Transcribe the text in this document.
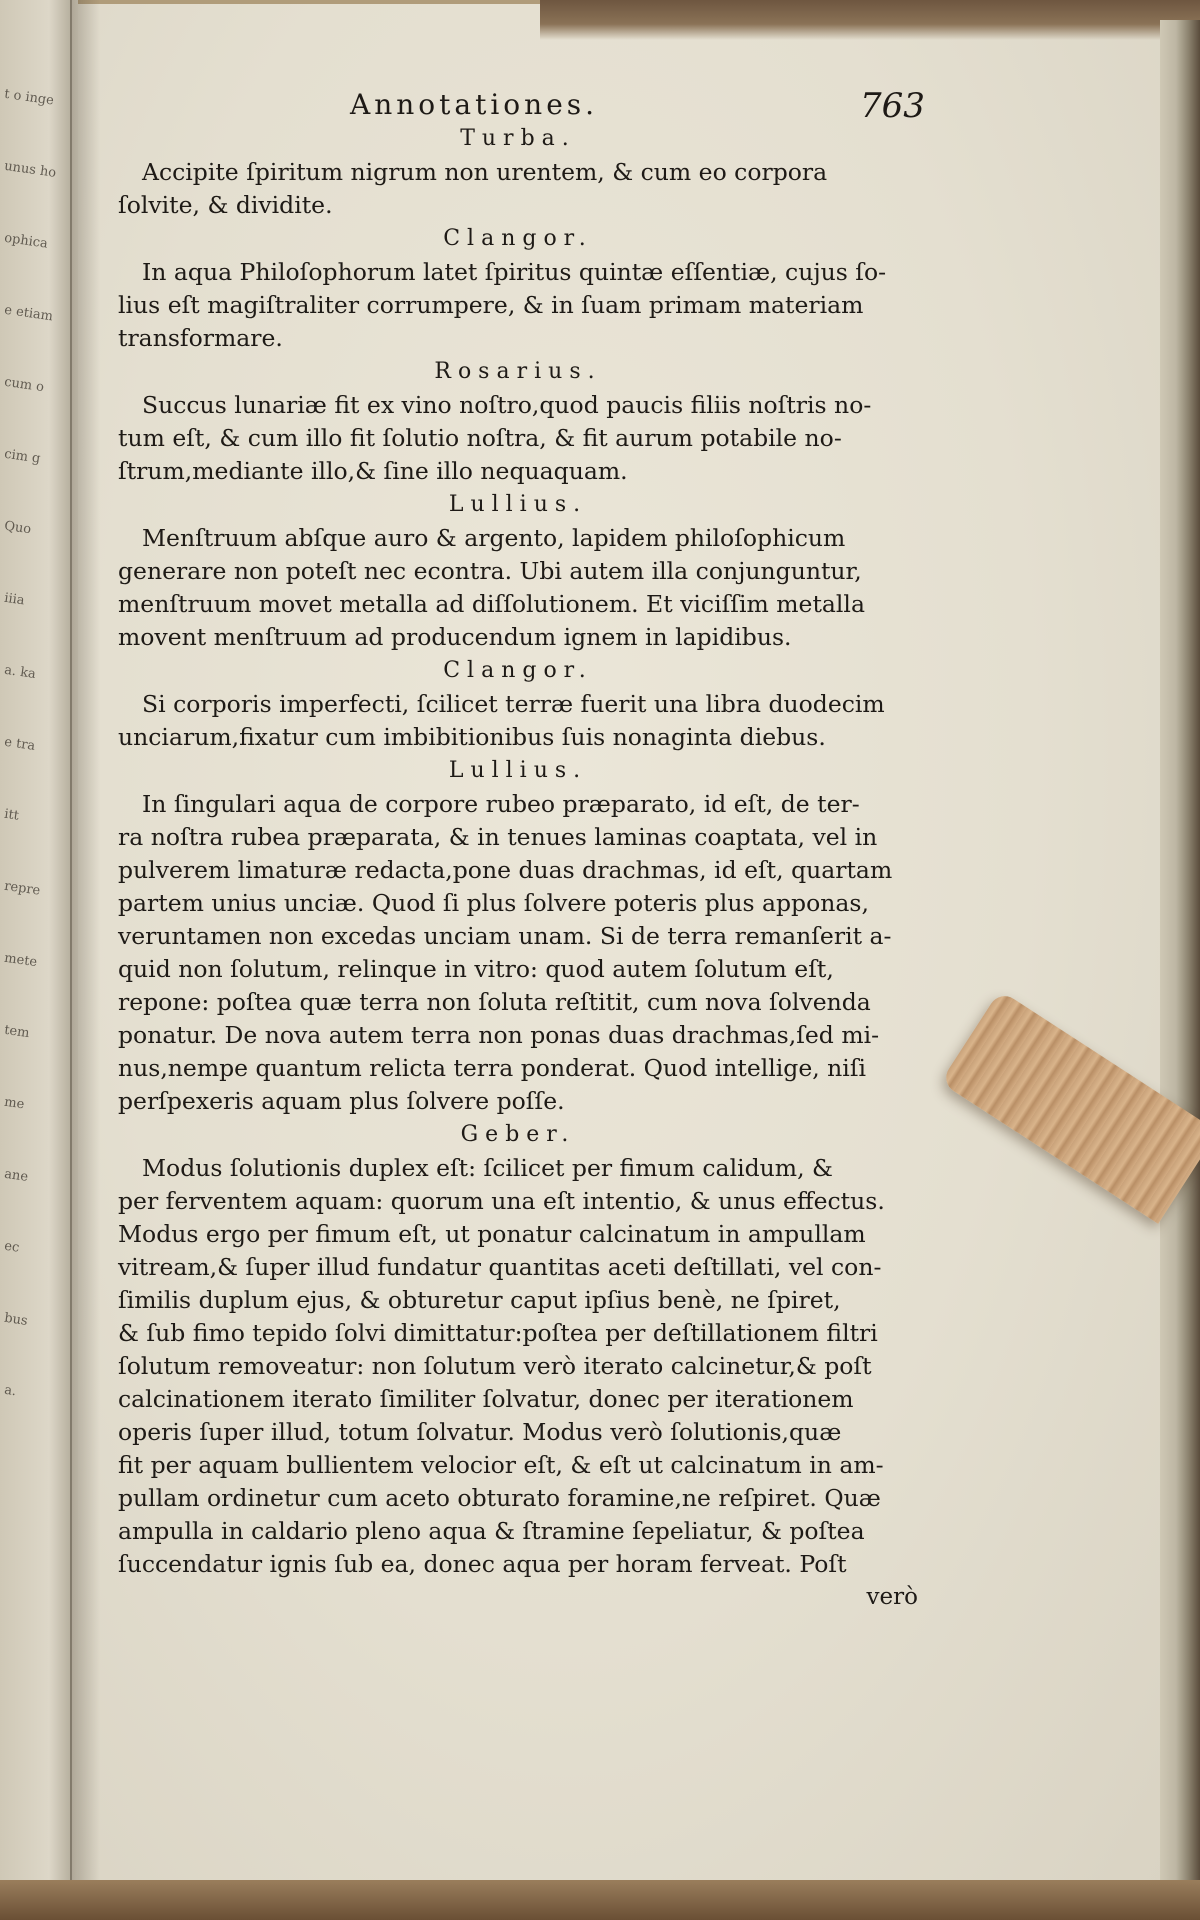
t o inge
unus ho
ophica
e etiam
cum o
cim g
Quo
iiia
a. ka
e tra
itt
repre
mete
tem
me
ane
ec
bus
a.
Annotationes.	763
Turba.
Accipite ſpiritum nigrum non urentem, & cum eo corpora
ſolvite, & dividite.
Clangor.
In aqua Philoſophorum latet ſpiritus quintæ eſſentiæ, cujus ſo-
lius eſt magiſtraliter corrumpere, & in ſuam primam materiam
transformare.
Rosarius.
Succus lunariæ fit ex vino noſtro,quod paucis filiis noſtris no-
tum eſt, & cum illo fit ſolutio noſtra, & fit aurum potabile no-
ſtrum,mediante illo,& ſine illo nequaquam.
Lullius.
Menſtruum abſque auro & argento, lapidem philoſophicum
generare non poteſt nec econtra. Ubi autem illa conjunguntur,
menſtruum movet metalla ad diſſolutionem. Et viciſſim metalla
movent menſtruum ad producendum ignem in lapidibus.
Clangor.
Si corporis imperfecti, ſcilicet terræ fuerit una libra duodecim
unciarum,fixatur cum imbibitionibus ſuis nonaginta diebus.
Lullius.
In ſingulari aqua de corpore rubeo præparato, id eſt, de ter-
ra noſtra rubea præparata, & in tenues laminas coaptata, vel in
pulverem limaturæ redacta,pone duas drachmas, id eſt, quartam
partem unius unciæ. Quod ſi plus ſolvere poteris plus apponas,
veruntamen non excedas unciam unam. Si de terra remanſerit a-
quid non ſolutum, relinque in vitro: quod autem ſolutum eſt,
repone: poſtea quæ terra non ſoluta reſtitit, cum nova ſolvenda
ponatur. De nova autem terra non ponas duas drachmas,ſed mi-
nus,nempe quantum relicta terra ponderat. Quod intellige, niſi
perſpexeris aquam plus ſolvere poſſe.
Geber.
Modus ſolutionis duplex eſt: ſcilicet per fimum calidum, &
per ferventem aquam: quorum una eſt intentio, & unus effectus.
Modus ergo per fimum eſt, ut ponatur calcinatum in ampullam
vitream,& ſuper illud fundatur quantitas aceti deſtillati, vel con-
ſimilis duplum ejus, & obturetur caput ipſius benè, ne ſpiret,
& ſub fimo tepido ſolvi dimittatur:poſtea per deſtillationem filtri
ſolutum removeatur: non ſolutum verò iterato calcinetur,& poſt
calcinationem iterato ſimiliter ſolvatur, donec per iterationem
operis ſuper illud, totum ſolvatur. Modus verò ſolutionis,quæ
fit per aquam bullientem velocior eſt, & eſt ut calcinatum in am-
pullam ordinetur cum aceto obturato foramine,ne reſpiret. Quæ
ampulla in caldario pleno aqua & ſtramine ſepeliatur, & poſtea
ſuccendatur ignis ſub ea, donec aqua per horam ferveat. Poſt
verò
